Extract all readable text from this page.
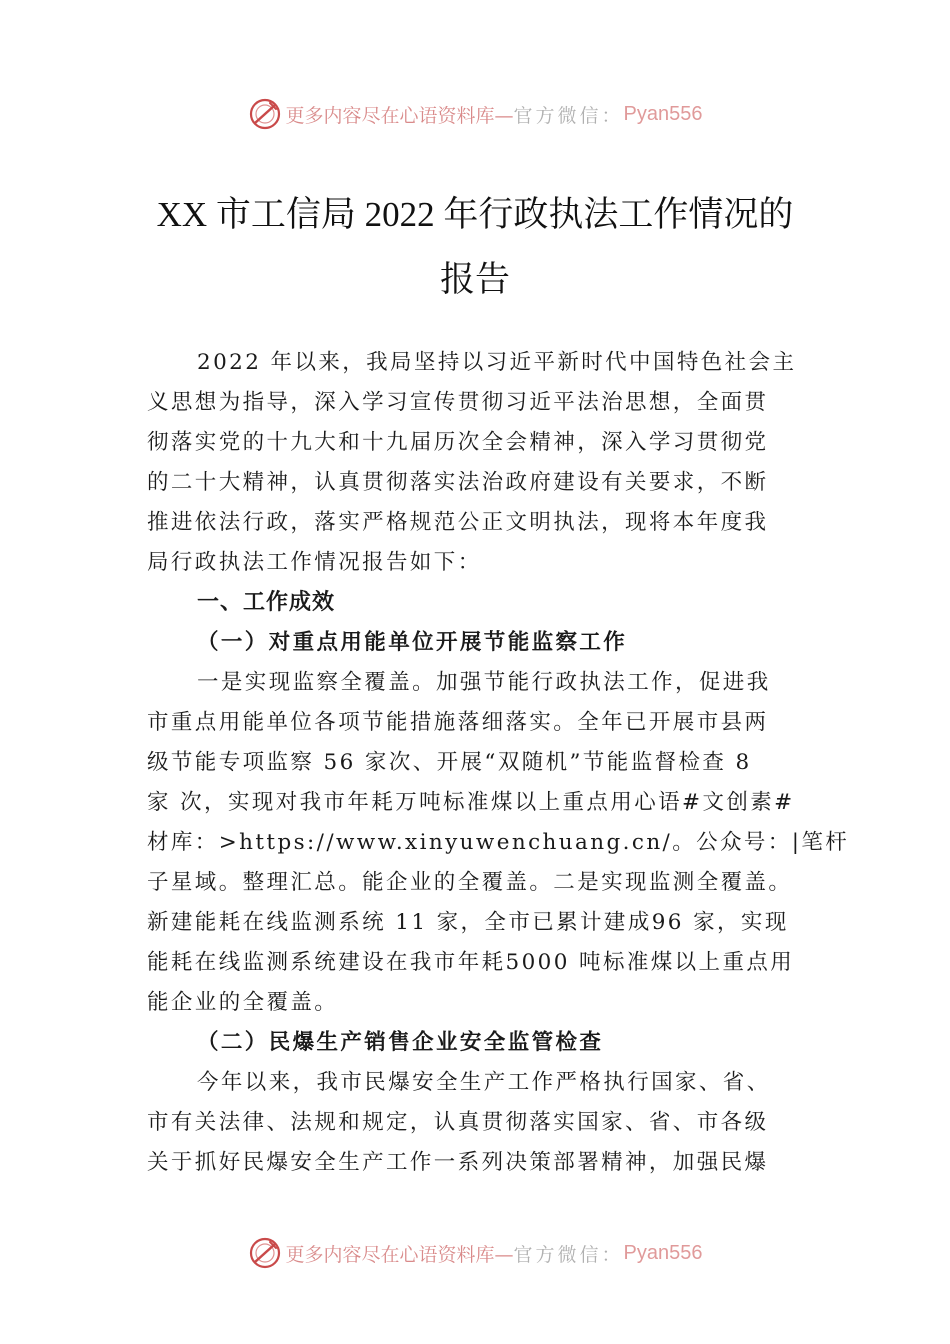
更多内容尽在心语资料库— 官方微信： Pyan556
XX 市工信局 2022 年行政执法工作情况的
报告
2022 年以来，我局坚持以习近平新时代中国特色社会主
义思想为指导，深入学习宣传贯彻习近平法治思想，全面贯
彻落实党的十九大和十九届历次全会精神，深入学习贯彻党
的二十大精神，认真贯彻落实法治政府建设有关要求，不断
推进依法行政，落实严格规范公正文明执法，现将本年度我
局行政执法工作情况报告如下：
一、工作成效
（一）对重点用能单位开展节能监察工作
一是实现监察全覆盖。加强节能行政执法工作，促进我
市重点用能单位各项节能措施落细落实。全年已开展市县两
级节能专项监察 56 家次、开展“双随机”节能监督检查 8
家 次，实现对我市年耗万吨标准煤以上重点用心语#文创素#
材库：>https://www.xinyuwenchuang.cn/。公众号：|笔杆
子星域。整理汇总。能企业的全覆盖。二是实现监测全覆盖。
新建能耗在线监测系统 11 家，全市已累计建成96 家，实现
能耗在线监测系统建设在我市年耗5000 吨标准煤以上重点用
能企业的全覆盖。
（二）民爆生产销售企业安全监管检查
今年以来，我市民爆安全生产工作严格执行国家、省、
市有关法律、法规和规定，认真贯彻落实国家、省、市各级
关于抓好民爆安全生产工作一系列决策部署精神，加强民爆
更多内容尽在心语资料库— 官方微信： Pyan556
